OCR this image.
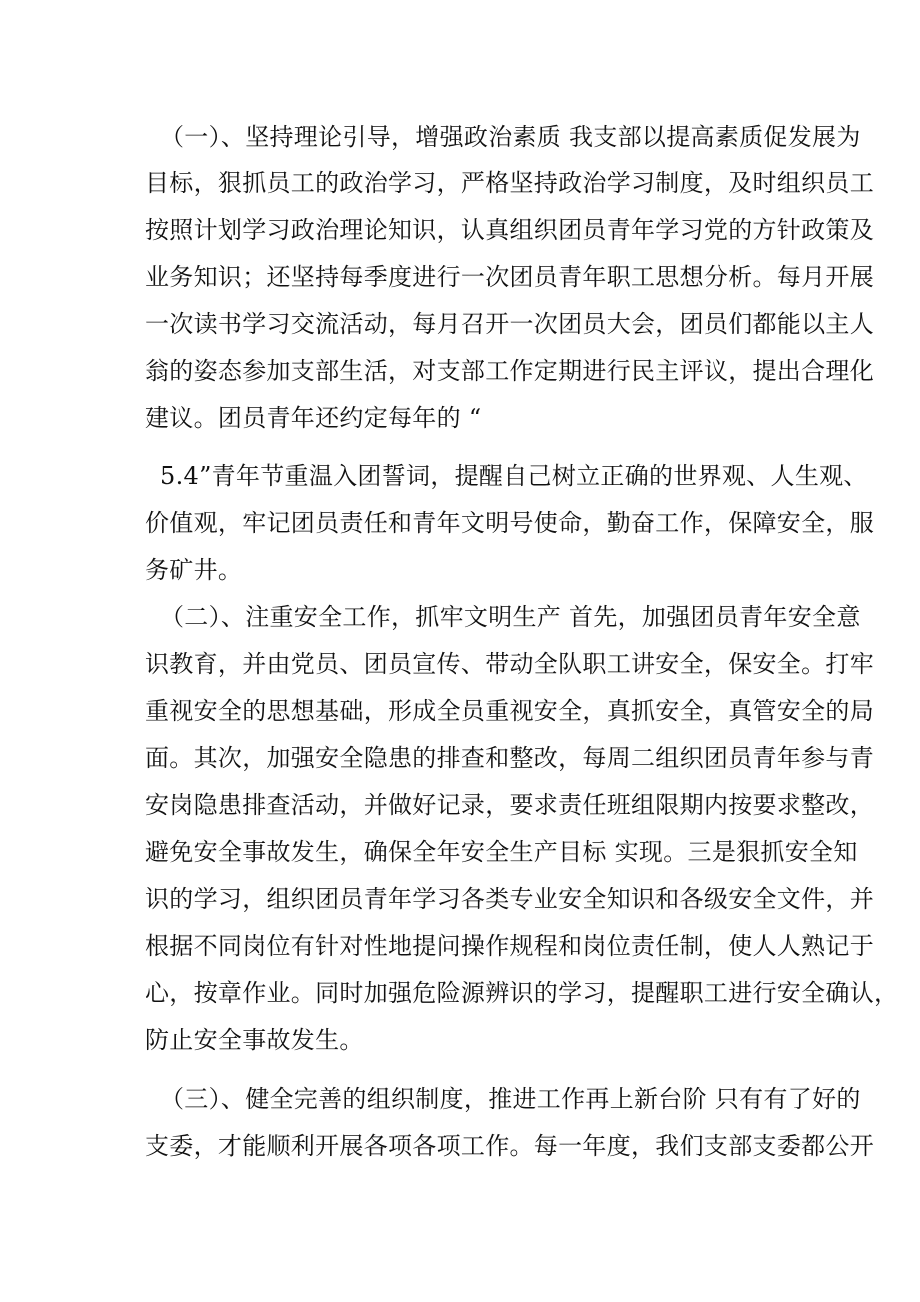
（一）、坚持理论引导，增强政治素质 我支部以提高素质促发展为
目标，狠抓员工的政治学习，严格坚持政治学习制度，及时组织员工
按照计划学习政治理论知识，认真组织团员青年学习党的方针政策及
业务知识；还坚持每季度进行一次团员青年职工思想分析。每月开展
一次读书学习交流活动，每月召开一次团员大会，团员们都能以主人
翁的姿态参加支部生活，对支部工作定期进行民主评议，提出合理化
建议。团员青年还约定每年的 “
5.4”青年节重温入团誓词，提醒自己树立正确的世界观、人生观、
价值观，牢记团员责任和青年文明号使命，勤奋工作，保障安全，服
务矿井。
（二）、注重安全工作，抓牢文明生产 首先，加强团员青年安全意
识教育，并由党员、团员宣传、带动全队职工讲安全，保安全。打牢
重视安全的思想基础，形成全员重视安全，真抓安全，真管安全的局
面。其次，加强安全隐患的排查和整改，每周二组织团员青年参与青
安岗隐患排查活动，并做好记录，要求责任班组限期内按要求整改，
避免安全事故发生，确保全年安全生产目标 实现。三是狠抓安全知
识的学习，组织团员青年学习各类专业安全知识和各级安全文件，并
根据不同岗位有针对性地提问操作规程和岗位责任制，使人人熟记于
心，按章作业。同时加强危险源辨识的学习，提醒职工进行安全确认，
防止安全事故发生。
（三）、健全完善的组织制度，推进工作再上新台阶 只有有了好的
支委，才能顺利开展各项各项工作。每一年度，我们支部支委都公开
